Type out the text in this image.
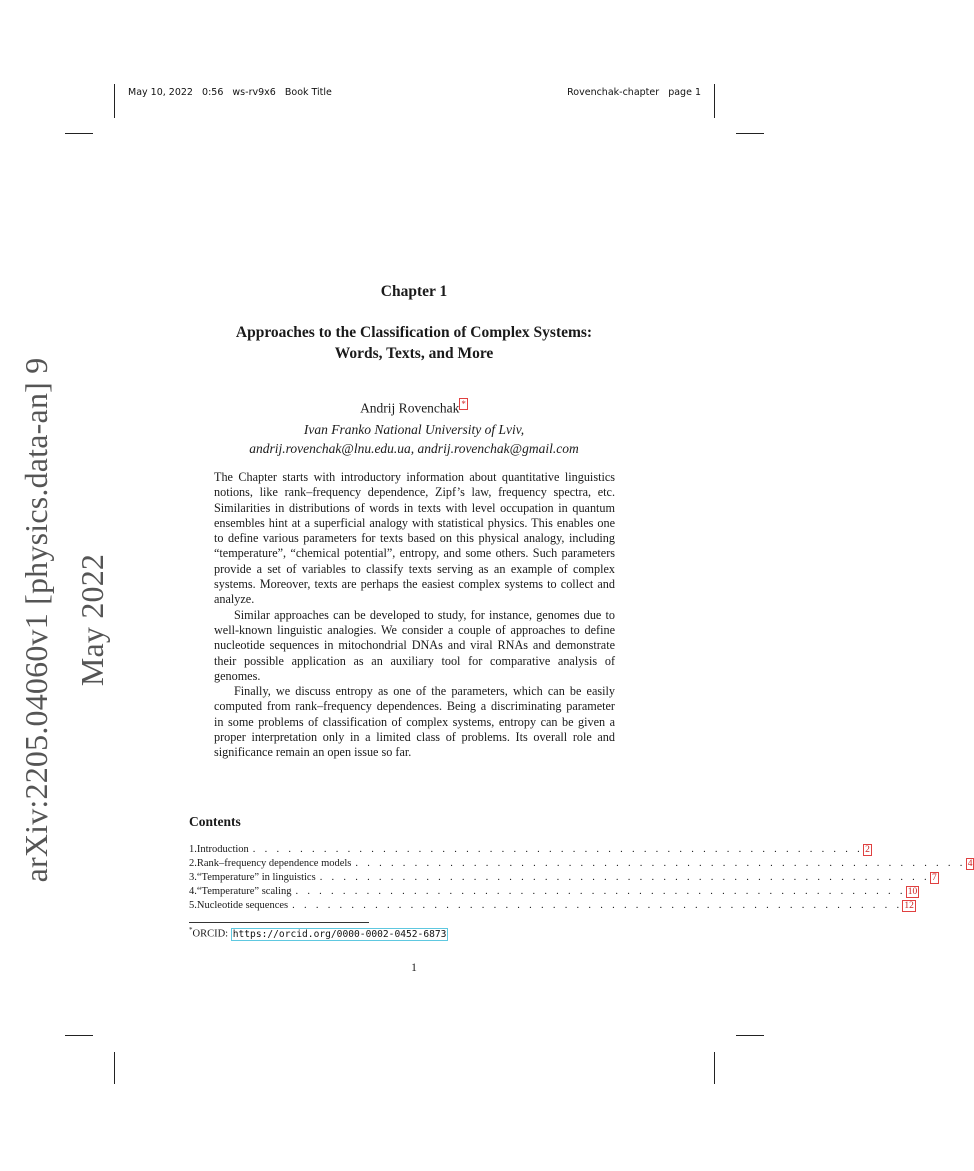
May 10, 2022   0:56   ws-rv9x6   Book Title	Rovenchak-chapter   page 1
arXiv:2205.04060v1 [physics.data-an] 9 May 2022
Chapter 1
Approaches to the Classification of Complex Systems:
Words, Texts, and More
Andrij Rovenchak *
Ivan Franko National University of Lviv,
andrij.rovenchak@lnu.edu.ua, andrij.rovenchak@gmail.com

The Chapter starts with introductory information about quantitative linguistics notions, like rank–frequency dependence, Zipf’s law, frequency spectra, etc. Similarities in distributions of words in texts with level occupation in quantum ensembles hint at a superficial analogy with statistical physics. This enables one to define various parameters for texts based on this physical analogy, including “temperature”, “chemical potential”, entropy, and some others. Such parameters provide a set of variables to classify texts serving as an example of complex systems. Moreover, texts are perhaps the easiest complex systems to collect and analyze.

Similar approaches can be developed to study, for instance, genomes due to well-known linguistic analogies. We consider a couple of approaches to define nucleotide sequences in mitochondrial DNAs and viral RNAs and demonstrate their possible application as an auxiliary tool for comparative analysis of genomes.

Finally, we discuss entropy as one of the parameters, which can be easily computed from rank–frequency dependences. Being a discriminating parameter in some problems of classification of complex systems, entropy can be given a proper interpretation only in a limited class of problems. Its overall role and significance remain an open issue so far.

Contents
1. Introduction . . . . . . . . . . . . . . . . . . . . . . . . . . . . . . . . . . . . . . . . . . . . . . . . . . . . 2
2. Rank–frequency dependence models . . . . . . . . . . . . . . . . . . . . . . . . . . . . . . . . . . . . . . . . . . . . . . . . . . . . 4
3. “Temperature” in linguistics . . . . . . . . . . . . . . . . . . . . . . . . . . . . . . . . . . . . . . . . . . . . . . . . . . . . 7
4. “Temperature” scaling . . . . . . . . . . . . . . . . . . . . . . . . . . . . . . . . . . . . . . . . . . . . . . . . . . . . 10
5. Nucleotide sequences . . . . . . . . . . . . . . . . . . . . . . . . . . . . . . . . . . . . . . . . . . . . . . . . . . . . 12
*ORCID: https://orcid.org/0000-0002-0452-6873
1
